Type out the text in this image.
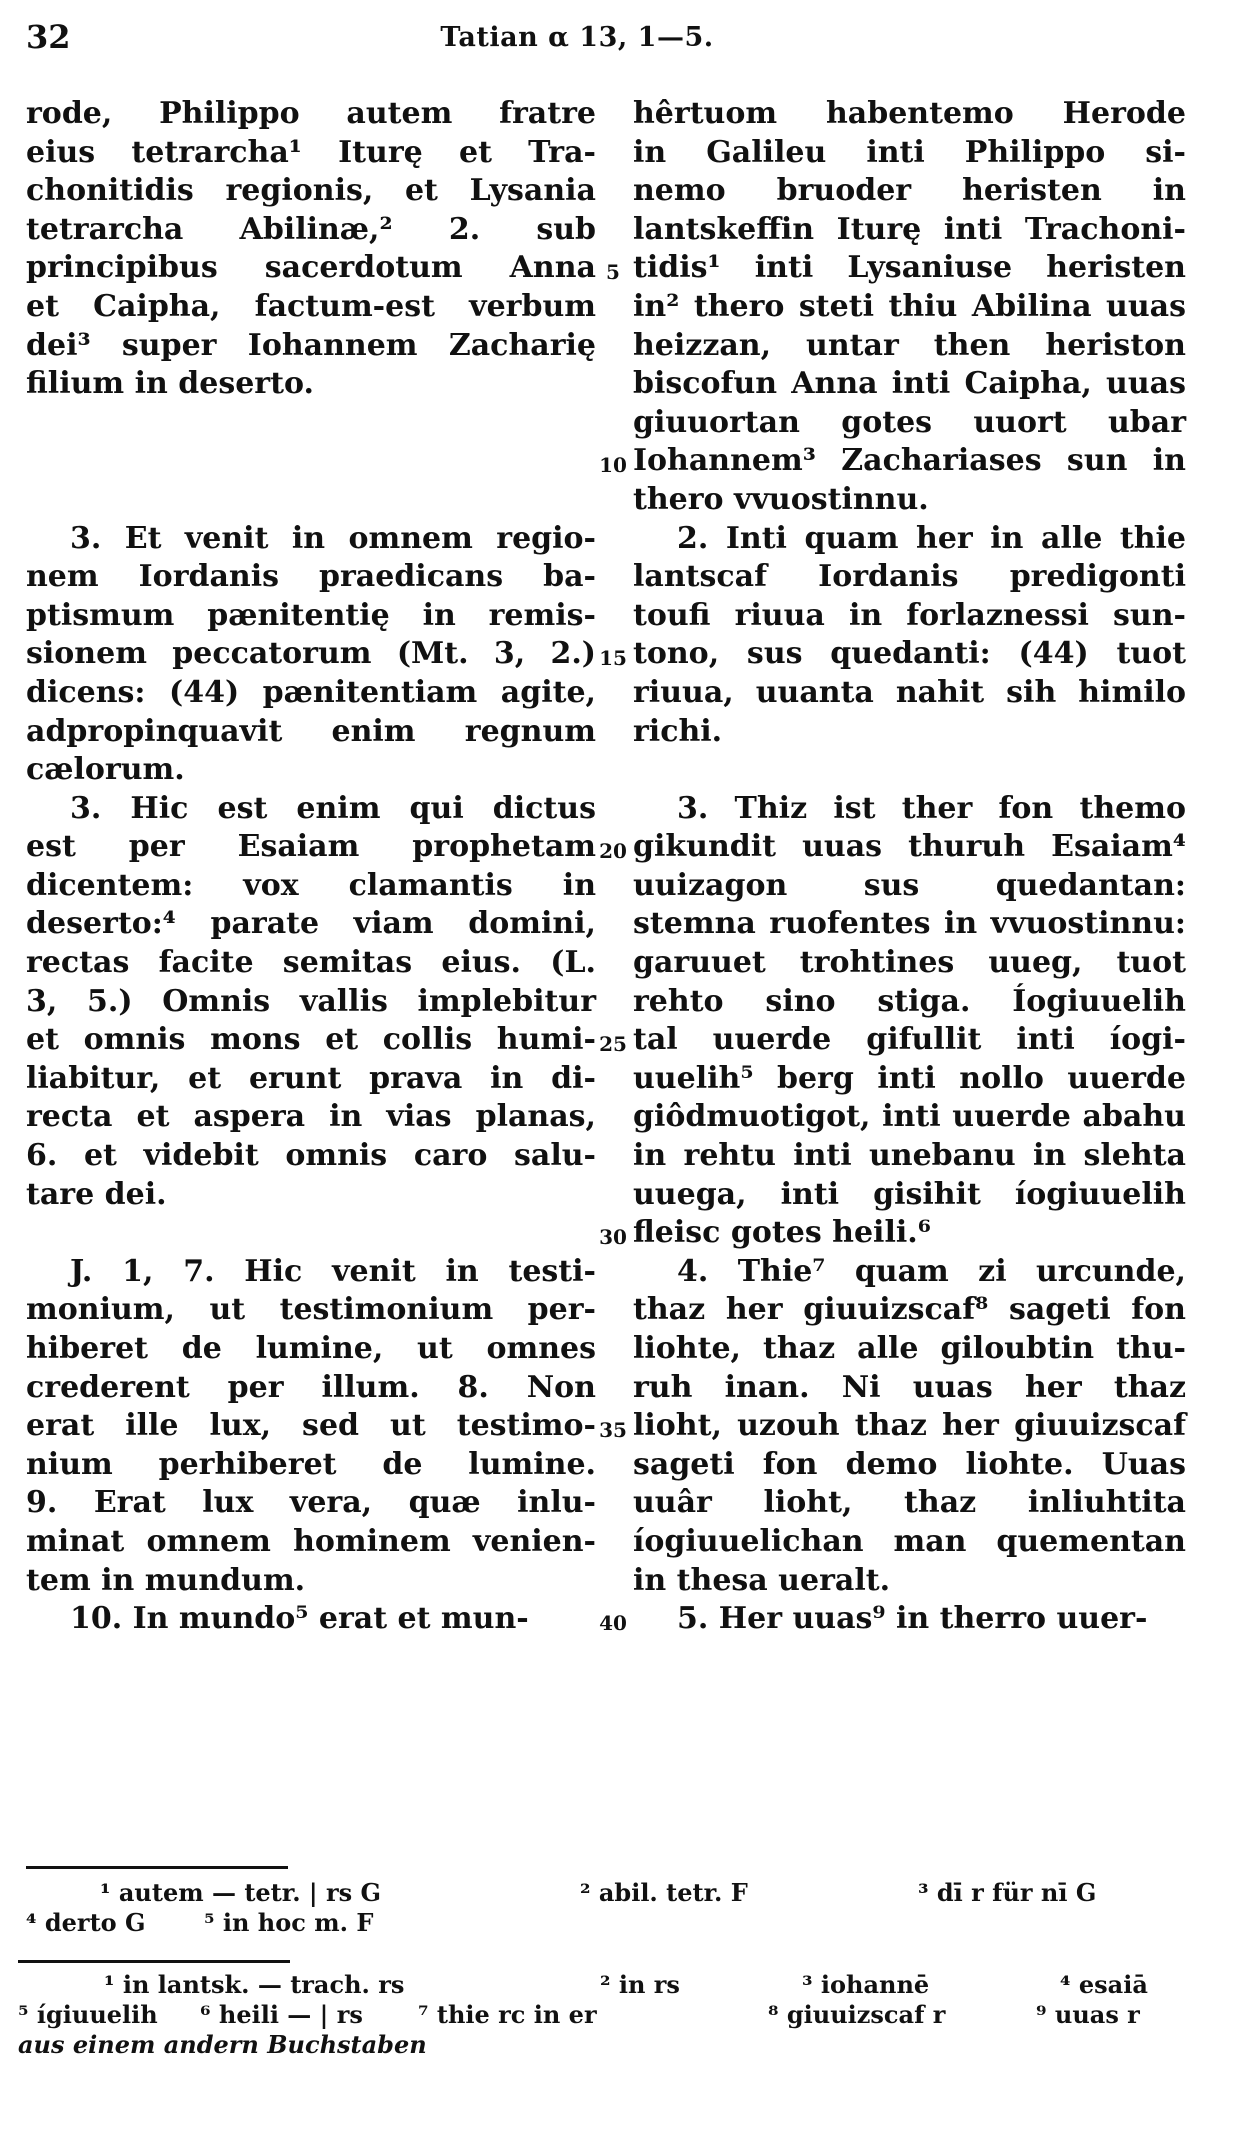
32	Tatian α 13, 1—5.
rode, Philippo autem fratre
eius tetrarcha¹ Iturę et Tra-
chonitidis regionis, et Lysania
tetrarcha Abilinæ,² 2. sub
principibus sacerdotum Anna
et Caipha, factum-est verbum
dei³ super Iohannem Zacharię
filium in deserto.
3. Et venit in omnem regio-
nem Iordanis praedicans ba-
ptismum pænitentię in remis-
sionem peccatorum (Mt. 3, 2.)
dicens: (44) pænitentiam agite,
adpropinquavit enim regnum
cælorum.
3. Hic est enim qui dictus
est per Esaiam prophetam
dicentem: vox clamantis in
deserto:⁴ parate viam domini,
rectas facite semitas eius. (L.
3, 5.) Omnis vallis implebitur
et omnis mons et collis humi-
liabitur, et erunt prava in di-
recta et aspera in vias planas,
6. et videbit omnis caro salu-
tare dei.
J. 1, 7. Hic venit in testi-
monium, ut testimonium per-
hiberet de lumine, ut omnes
crederent per illum. 8. Non
erat ille lux, sed ut testimo-
nium perhiberet de lumine.
9. Erat lux vera, quæ inlu-
minat omnem hominem venien-
tem in mundum.
10. In mundo⁵ erat et mun-
5
10
15
20
25
30
35
40
hêrtuom habentemo Herode
in Galileu inti Philippo si-
nemo bruoder heristen in
lantskeffin Iturę inti Trachoni-
tidis¹ inti Lysaniuse heristen
in² thero steti thiu Abilina uuas
heizzan, untar then heriston
biscofun Anna inti Caipha, uuas
giuuortan gotes uuort ubar
Iohannem³ Zachariases sun in
thero vvuostinnu.
2. Inti quam her in alle thie
lantscaf Iordanis predigonti
toufi riuua in forlaznessi sun-
tono, sus quedanti: (44) tuot
riuua, uuanta nahit sih himilo
richi.
3. Thiz ist ther fon themo
gikundit uuas thuruh Esaiam⁴
uuizagon sus quedantan:
stemna ruofentes in vvuostinnu:
garuuet trohtines uueg, tuot
rehto sino stiga. Íogiuuelih
tal uuerde gifullit inti íogi-
uuelih⁵ berg inti nollo uuerde
giôdmuotigot, inti uuerde abahu
in rehtu inti unebanu in slehta
uuega, inti gisihit íogiuuelih
fleisc gotes heili.⁶
4. Thie⁷ quam zi urcunde,
thaz her giuuizscaf⁸ sageti fon
liohte, thaz alle giloubtin thu-
ruh inan. Ni uuas her thaz
lioht, uzouh thaz her giuuizscaf
sageti fon demo liohte. Uuas
uuâr lioht, thaz inliuhtita
íogiuuelichan man quementan
in thesa ueralt.
5. Her uuas⁹ in therro uuer-
¹ autem — tetr. | rs G	² abil. tetr. F	³ dī r für nī G
⁴ derto G ⁵ in hoc m. F
¹ in lantsk. — trach. rs	² in rs	³ iohannē	⁴ esaiā
⁵ ígiuuelih ⁶ heili — | rs ⁷ thie rc in er	⁸ giuuizscaf r	⁹ uuas r
aus einem andern Buchstaben
